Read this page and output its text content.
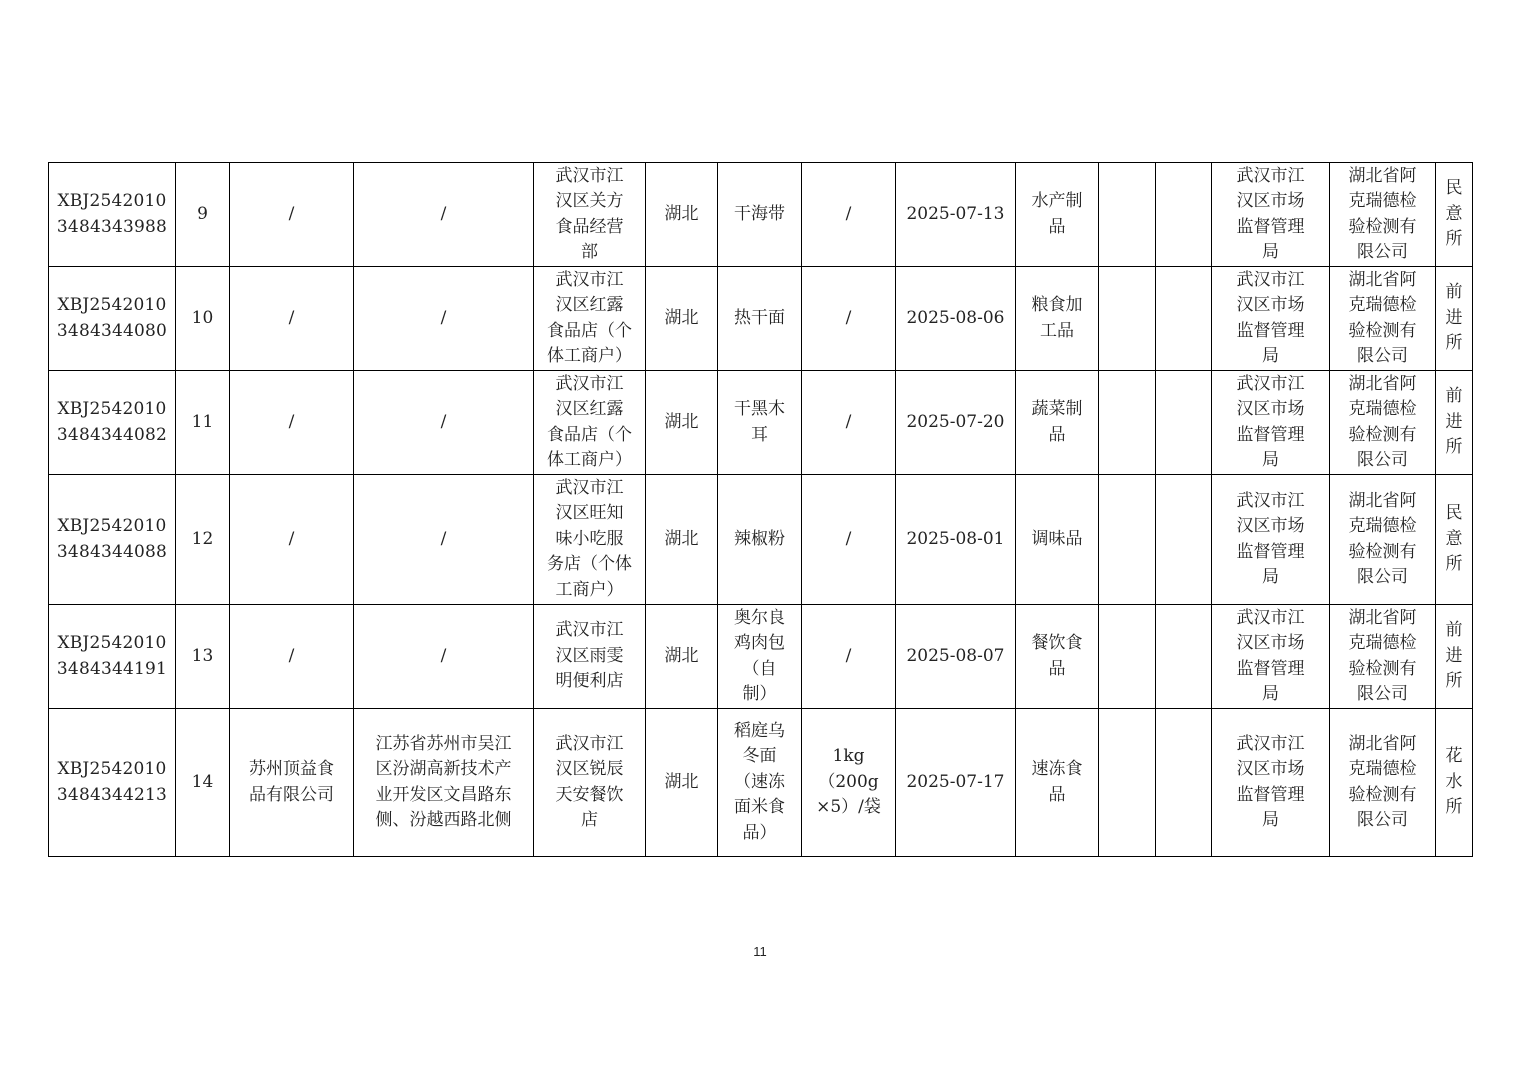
XBJ2542010
3484343988	9	/	/	武汉市江
汉区关方
食品经营
部	湖北	干海带	/	2025-07-13	水产制
品			武汉市江
汉区市场
监督管理
局	湖北省阿
克瑞德检
验检测有
限公司	民
意
所
XBJ2542010
3484344080	10	/	/	武汉市江
汉区红露
食品店（个
体工商户）	湖北	热干面	/	2025-08-06	粮食加
工品			武汉市江
汉区市场
监督管理
局	湖北省阿
克瑞德检
验检测有
限公司	前
进
所
XBJ2542010
3484344082	11	/	/	武汉市江
汉区红露
食品店（个
体工商户）	湖北	干黑木
耳	/	2025-07-20	蔬菜制
品			武汉市江
汉区市场
监督管理
局	湖北省阿
克瑞德检
验检测有
限公司	前
进
所
XBJ2542010
3484344088	12	/	/	武汉市江
汉区旺知
味小吃服
务店（个体
工商户）	湖北	辣椒粉	/	2025-08-01	调味品			武汉市江
汉区市场
监督管理
局	湖北省阿
克瑞德检
验检测有
限公司	民
意
所
XBJ2542010
3484344191	13	/	/	武汉市江
汉区雨雯
明便利店	湖北	奥尔良
鸡肉包
（自
制）	/	2025-08-07	餐饮食
品			武汉市江
汉区市场
监督管理
局	湖北省阿
克瑞德检
验检测有
限公司	前
进
所
XBJ2542010
3484344213	14	苏州顶益食
品有限公司	江苏省苏州市吴江
区汾湖高新技术产
业开发区文昌路东
侧、汾越西路北侧	武汉市江
汉区锐辰
天安餐饮
店	湖北	稻庭乌
冬面
（速冻
面米食
品）	1kg
（200g
×5）/袋	2025-07-17	速冻食
品			武汉市江
汉区市场
监督管理
局	湖北省阿
克瑞德检
验检测有
限公司	花
水
所
11
